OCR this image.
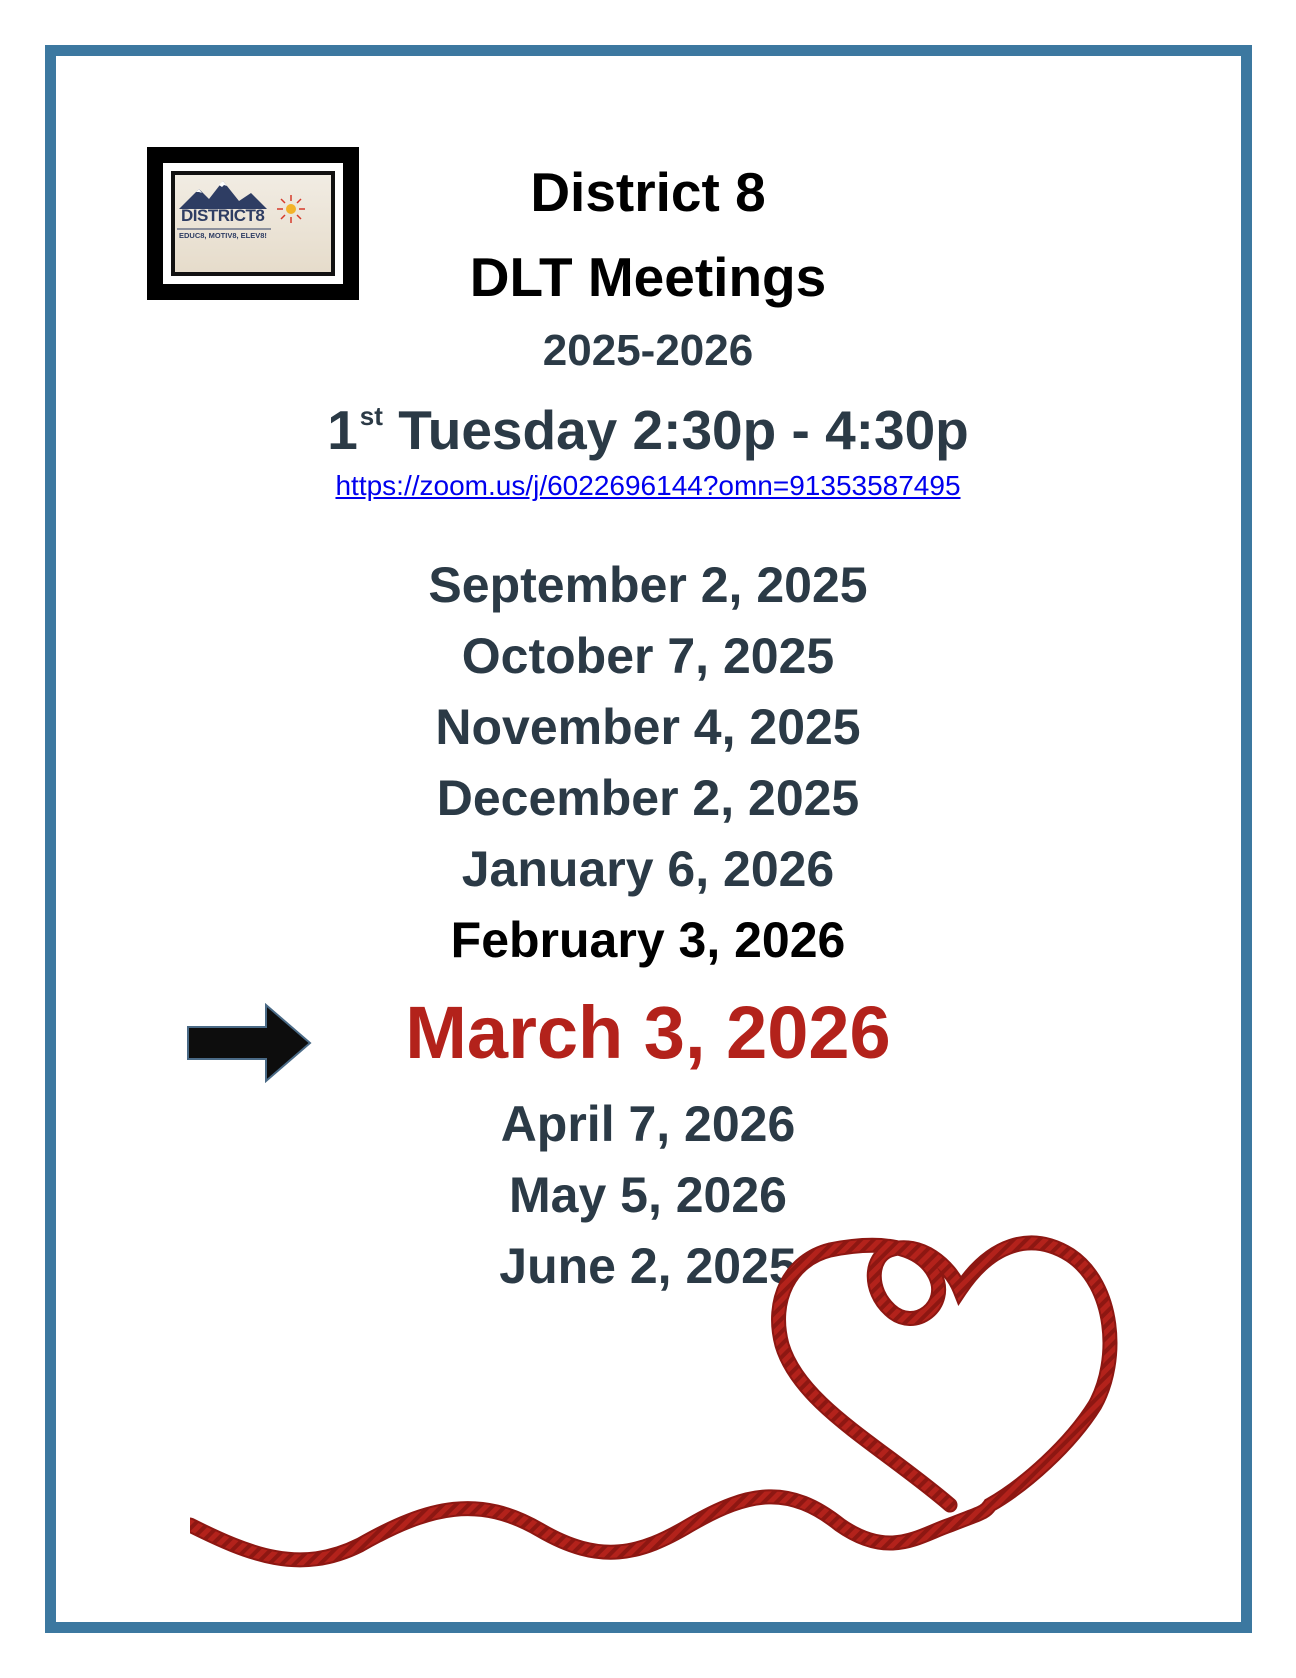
DISTRICT8
EDUC8, MOTIV8, ELEV8!
District 8
DLT Meetings
2025-2026
1st Tuesday 2:30p - 4:30p
https://zoom.us/j/6022696144?omn=91353587495
September 2, 2025
October 7, 2025
November 4, 2025
December 2, 2025
January 6, 2026
February 3, 2026
March 3, 2026
April 7, 2026
May 5, 2026
June 2, 2025
